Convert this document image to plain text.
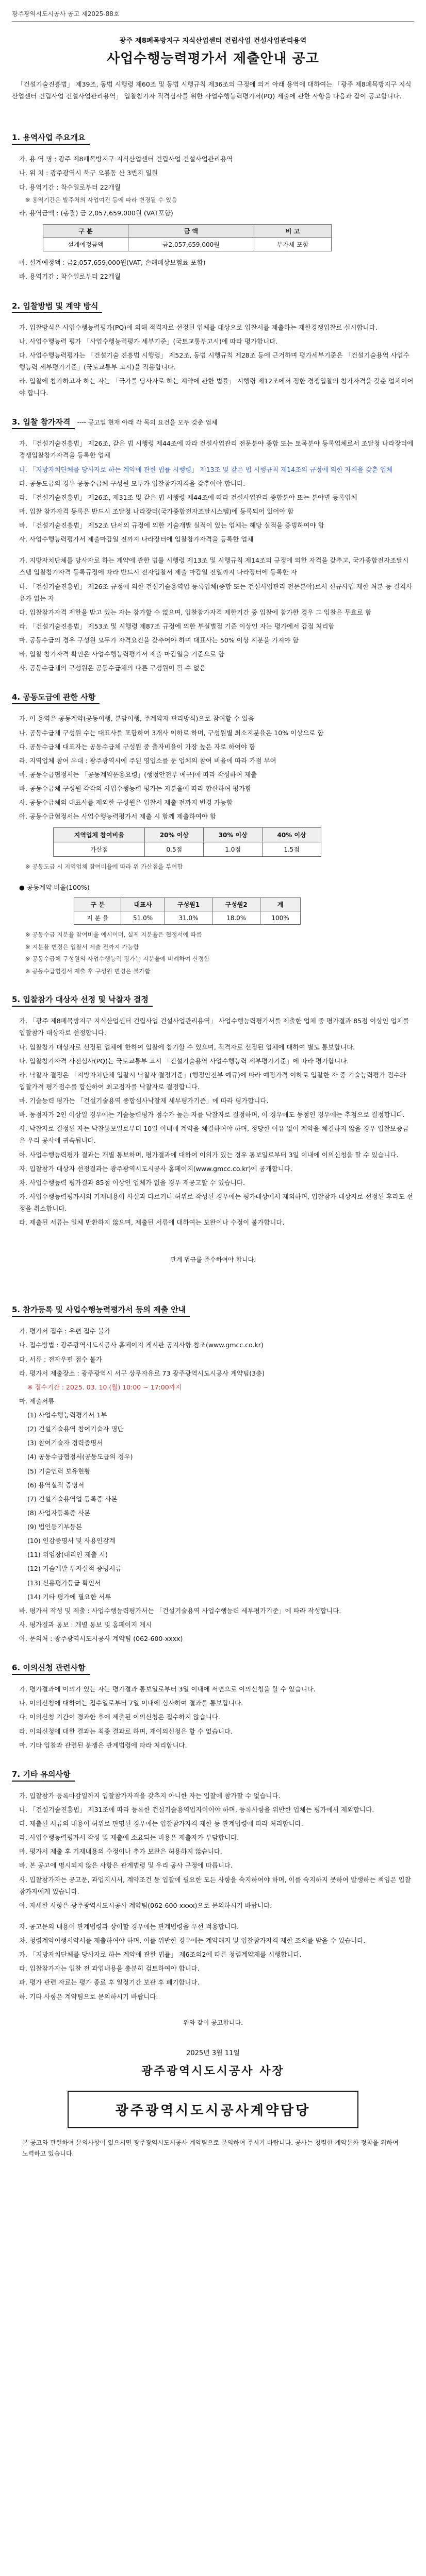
광주광역시도시공사 공고 제2025-88호
광주 제8폐목방지구 지식산업센터 건립사업 건설사업관리용역
사업수행능력평가서 제출안내 공고
「건설기술진흥법」 제39조, 동법 시행령 제60조 및 동법 시행규칙 제36조의 규정에 의거 아래 용역에 대하여는 「광주 제8폐목방지구 지식산업센터 건립사업 건설사업관리용역」 입찰참가자 적격심사를 위한 사업수행능력평가서(PQ) 제출에 관한 사항을 다음과 같이 공고합니다.
1. 용역사업 주요개요
가. 용 역 명 : 광주 제8폐목방지구 지식산업센터 건립사업 건설사업관리용역
나. 위 치 : 광주광역시 북구 오룡동 산 3번지 일원
다. 용역기간 : 착수일로부터 22개월
※ 용역기간은 발주처의 사업여건 등에 따라 변경될 수 있음
라. 용역금액 : (총괄) 금 2,057,659,000원 (VAT포함)
구 분	금 액	비 고
설계예정금액	금2,057,659,000원	부가세 포함
마. 설계예정액 : 금2,057,659,000원(VAT, 손해배상보험료 포함)
바. 용역기간 : 착수일로부터 22개월
2. 입찰방법 및 계약 방식
가. 입찰방식은 사업수행능력평가(PQ)에 의해 적격자로 선정된 업체를 대상으로 입찰서를 제출하는 제한경쟁입찰로 실시합니다.
나. 사업수행능력 평가 「사업수행능력평가 세부기준」(국토교통부고시)에 따라 평가합니다.
다. 사업수행능력평가는 「건설기술 진흥법 시행령」 제52조, 동법 시행규칙 제28조 등에 근거하며 평가세부기준은 「건설기술용역 사업수행능력 세부평가기준」(국토교통부 고시)을 적용합니다.
라. 입찰에 참가하고자 하는 자는 「국가를 당사자로 하는 계약에 관한 법률」 시행령 제12조에서 정한 경쟁입찰의 참가자격을 갖춘 업체이어야 합니다.
3. 입찰 참가자격 ---- 공고일 현재 아래 각 목의 요건을 모두 갖춘 업체
가. 「건설기술진흥법」 제26조, 같은 법 시행령 제44조에 따라 건설사업관리 전문분야 종합 또는 토목분야 등록업체로서 조달청 나라장터에 경쟁입찰참가자격을 등록한 업체
나. 「지방자치단체를 당사자로 하는 계약에 관한 법률 시행령」 제13조 및 같은 법 시행규칙 제14조의 규정에 의한 자격을 갖춘 업체
다. 공동도급의 경우 공동수급체 구성원 모두가 입찰참가자격을 갖추어야 합니다.
라. 「건설기술진흥법」 제26조, 제31조 및 같은 법 시행령 제44조에 따라 건설사업관리 종합분야 또는 분야별 등록업체
마. 입찰 참가자격 등록은 반드시 조달청 나라장터(국가종합전자조달시스템)에 등록되어 있어야 함
바. 「건설기술진흥법」 제52조 단서의 규정에 의한 기술개발 실적이 있는 업체는 해당 실적을 증빙하여야 함
사. 사업수행능력평가서 제출마감일 전까지 나라장터에 입찰참가자격을 등록한 업체
가. 지방자치단체를 당사자로 하는 계약에 관한 법률 시행령 제13조 및 시행규칙 제14조의 규정에 의한 자격을 갖추고, 국가종합전자조달시스템 입찰참가자격 등록규정에 따라 반드시 전자입찰서 제출 마감일 전일까지 나라장터에 등록한 자
나. 「건설기술진흥법」 제26조 규정에 의한 건설기술용역업 등록업체(종합 또는 건설사업관리 전문분야)로서 신규사업 제한 처분 등 결격사유가 없는 자
다. 입찰참가자격 제한을 받고 있는 자는 참가할 수 없으며, 입찰참가자격 제한기간 중 입찰에 참가한 경우 그 입찰은 무효로 함
라. 「건설기술진흥법」 제53조 및 시행령 제87조 규정에 의한 부실벌점 기준 이상인 자는 평가에서 감점 처리함
마. 공동수급의 경우 구성원 모두가 자격요건을 갖추어야 하며 대표사는 50% 이상 지분을 가져야 함
바. 입찰 참가자격 확인은 사업수행능력평가서 제출 마감일을 기준으로 함
사. 공동수급체의 구성원은 공동수급체의 다른 구성원이 될 수 없음
4. 공동도급에 관한 사항
가. 이 용역은 공동계약(공동이행, 분담이행, 주계약자 관리방식)으로 참여할 수 있음
나. 공동수급체 구성원 수는 대표사를 포함하여 3개사 이하로 하며, 구성원별 최소지분율은 10% 이상으로 함
다. 공동수급체 대표자는 공동수급체 구성원 중 출자비율이 가장 높은 자로 하여야 함
라. 지역업체 참여 우대 : 광주광역시에 주된 영업소를 둔 업체의 참여 비율에 따라 가점 부여
마. 공동수급협정서는 「공동계약운용요령」(행정안전부 예규)에 따라 작성하여 제출
바. 공동수급체 구성원 각각의 사업수행능력 평가는 지분율에 따라 합산하여 평가함
사. 공동수급체의 대표사를 제외한 구성원은 입찰서 제출 전까지 변경 가능함
아. 공동수급협정서는 사업수행능력평가서 제출 시 함께 제출하여야 함
지역업체 참여비율	20% 이상	30% 이상	40% 이상
가산점	0.5점	1.0점	1.5점
※ 공동도급 시 지역업체 참여비율에 따라 위 가산점을 부여함
● 공동계약 비율(100%)
구 분	대표사	구성원1	구성원2	계
지 분 율	51.0%	31.0%	18.0%	100%
※ 공동수급 지분율 참여비율 예시이며, 실제 지분율은 협정서에 따름
※ 지분율 변경은 입찰서 제출 전까지 가능함
※ 공동수급체 구성원의 사업수행능력 평가는 지분율에 비례하여 산정함
※ 공동수급협정서 제출 후 구성원 변경은 불가함
5. 입찰참가 대상자 선정 및 낙찰자 결정
가. 「광주 제8폐목방지구 지식산업센터 건립사업 건설사업관리용역」 사업수행능력평가서를 제출한 업체 중 평가결과 85점 이상인 업체를 입찰참가 대상자로 선정합니다.
나. 입찰참가 대상자로 선정된 업체에 한하여 입찰에 참가할 수 있으며, 적격자로 선정된 업체에 대하여 별도 통보합니다.
다. 입찰참가자격 사전심사(PQ)는 국토교통부 고시 「건설기술용역 사업수행능력 세부평가기준」에 따라 평가합니다.
라. 낙찰자 결정은 「지방자치단체 입찰시 낙찰자 결정기준」(행정안전부 예규)에 따라 예정가격 이하로 입찰한 자 중 기술능력평가 점수와 입찰가격 평가점수를 합산하여 최고점자를 낙찰자로 결정합니다.
마. 기술능력 평가는 「건설기술용역 종합심사낙찰제 세부평가기준」에 따라 평가합니다.
바. 동점자가 2인 이상일 경우에는 기술능력평가 점수가 높은 자를 낙찰자로 결정하며, 이 경우에도 동점인 경우에는 추첨으로 결정합니다.
사. 낙찰자로 결정된 자는 낙찰통보일로부터 10일 이내에 계약을 체결하여야 하며, 정당한 이유 없이 계약을 체결하지 않을 경우 입찰보증금은 우리 공사에 귀속됩니다.
아. 사업수행능력평가 결과는 개별 통보하며, 평가결과에 대하여 이의가 있는 경우 통보일로부터 3일 이내에 이의신청을 할 수 있습니다.
자. 입찰참가 대상자 선정결과는 광주광역시도시공사 홈페이지(www.gmcc.co.kr)에 공개합니다.
차. 사업수행능력 평가결과 85점 이상인 업체가 없을 경우 재공고할 수 있습니다.
카. 사업수행능력평가서의 기재내용이 사실과 다르거나 허위로 작성된 경우에는 평가대상에서 제외하며, 입찰참가 대상자로 선정된 후라도 선정을 취소합니다.
타. 제출된 서류는 일체 반환하지 않으며, 제출된 서류에 대하여는 보완이나 수정이 불가합니다.
관계 법규를 준수하여야 합니다.
5. 참가등록 및 사업수행능력평가서 등의 제출 안내
가. 평가서 접수 : 우편 접수 불가
나. 접수방법 : 광주광역시도시공사 홈페이지 게시판 공지사항 참조(www.gmcc.co.kr)
다. 서류 : 전자우편 접수 불가
라. 평가서 제출장소 : 광주광역시 서구 상무자유로 73 광주광역시도시공사 계약팀(3층)
※ 접수기간 : 2025. 03. 10.(월) 10:00 ~ 17:00까지
마. 제출서류
(1) 사업수행능력평가서 1부
(2) 건설기술용역 참여기술자 명단
(3) 참여기술자 경력증명서
(4) 공동수급협정서(공동도급의 경우)
(5) 기술인력 보유현황
(6) 용역실적 증명서
(7) 건설기술용역업 등록증 사본
(8) 사업자등록증 사본
(9) 법인등기부등본
(10) 인감증명서 및 사용인감계
(11) 위임장(대리인 제출 시)
(12) 기술개발 투자실적 증빙서류
(13) 신용평가등급 확인서
(14) 기타 평가에 필요한 서류
바. 평가서 작성 및 제출 : 사업수행능력평가서는 「건설기술용역 사업수행능력 세부평가기준」에 따라 작성합니다.
사. 평가결과 통보 : 개별 통보 및 홈페이지 게시
아. 문의처 : 광주광역시도시공사 계약팀 (062-600-xxxx)
6. 이의신청 관련사항
가. 평가결과에 이의가 있는 자는 평가결과 통보일로부터 3일 이내에 서면으로 이의신청을 할 수 있습니다.
나. 이의신청에 대하여는 접수일로부터 7일 이내에 심사하여 결과를 통보합니다.
다. 이의신청 기간이 경과한 후에 제출된 이의신청은 접수하지 않습니다.
라. 이의신청에 대한 결과는 최종 결과로 하며, 재이의신청은 할 수 없습니다.
마. 기타 입찰과 관련된 분쟁은 관계법령에 따라 처리합니다.
7. 기타 유의사항
가. 입찰참가 등록마감일까지 입찰참가자격을 갖추지 아니한 자는 입찰에 참가할 수 없습니다.
나. 「건설기술진흥법」 제31조에 따라 등록한 건설기술용역업자이어야 하며, 등록사항을 위반한 업체는 평가에서 제외합니다.
다. 제출된 서류의 내용이 허위로 판명된 경우에는 입찰참가자격 제한 등 관계법령에 따라 처리합니다.
라. 사업수행능력평가서 작성 및 제출에 소요되는 비용은 제출자가 부담합니다.
마. 평가서 제출 후 기재내용의 수정이나 추가 보완은 허용하지 않습니다.
바. 본 공고에 명시되지 않은 사항은 관계법령 및 우리 공사 규정에 따릅니다.
사. 입찰참가자는 공고문, 과업지시서, 계약조건 등 입찰에 필요한 모든 사항을 숙지하여야 하며, 이를 숙지하지 못하여 발생하는 책임은 입찰참가자에게 있습니다.
아. 자세한 사항은 광주광역시도시공사 계약팀(062-600-xxxx)으로 문의하시기 바랍니다.
자. 공고문의 내용이 관계법령과 상이할 경우에는 관계법령을 우선 적용합니다.
차. 청렴계약이행서약서를 제출하여야 하며, 이를 위반한 경우에는 계약해지 및 입찰참가자격 제한 조치를 받을 수 있습니다.
카. 「지방자치단체를 당사자로 하는 계약에 관한 법률」 제6조의2에 따른 청렴계약제를 시행합니다.
타. 입찰참가자는 입찰 전 과업내용을 충분히 검토하여야 합니다.
파. 평가 관련 자료는 평가 종료 후 일정기간 보관 후 폐기합니다.
하. 기타 사항은 계약팀으로 문의하시기 바랍니다.
위와 같이 공고합니다.
2025년 3월 11일
광주광역시도시공사 사장
광주광역시도시공사계약담당
본 공고와 관련하여 문의사항이 있으시면 광주광역시도시공사 계약팀으로 문의하여 주시기 바랍니다. 공사는 청렴한 계약문화 정착을 위하여 노력하고 있습니다.
